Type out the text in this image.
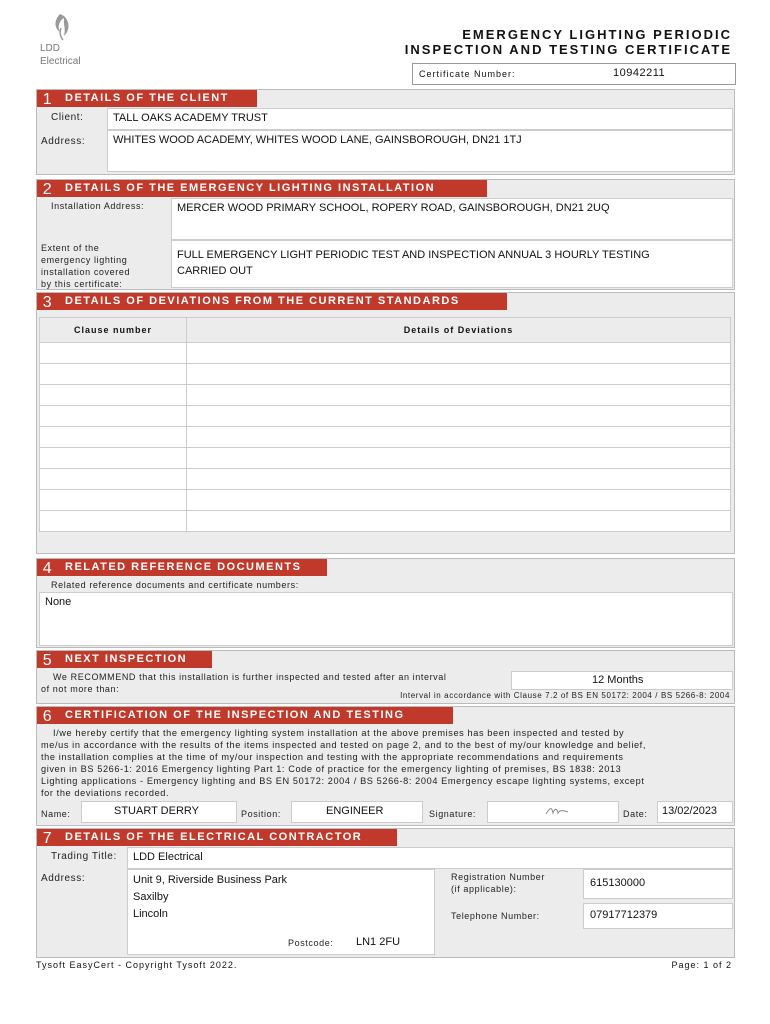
LDD
Electrical
EMERGENCY LIGHTING PERIODIC
INSPECTION AND TESTING CERTIFICATE
Certificate Number:	10942211
1	DETAILS OF THE CLIENT
Client:	TALL OAKS ACADEMY TRUST
Address:	WHITES WOOD ACADEMY, WHITES WOOD LANE, GAINSBOROUGH, DN21 1TJ
2	DETAILS OF THE EMERGENCY LIGHTING INSTALLATION
Installation Address:	MERCER WOOD PRIMARY SCHOOL, ROPERY ROAD, GAINSBOROUGH, DN21 2UQ
Extent of the
emergency lighting
installation covered
by this certificate:
FULL EMERGENCY LIGHT PERIODIC TEST AND INSPECTION ANNUAL 3 HOURLY TESTING
CARRIED OUT
3	DETAILS OF DEVIATIONS FROM THE CURRENT STANDARDS
Clause number	Details of Deviations

4	RELATED REFERENCE DOCUMENTS
Related reference documents and certificate numbers:
None
5	NEXT INSPECTION
We RECOMMEND that this installation is further inspected and tested after an interval
of not more than:
12 Months
Interval in accordance with Clause 7.2 of BS EN 50172: 2004 / BS 5266-8: 2004
6	CERTIFICATION OF THE INSPECTION AND TESTING
I/we hereby certify that the emergency lighting system installation at the above premises has been inspected and tested by
me/us in accordance with the results of the items inspected and tested on page 2, and to the best of my/our knowledge and belief,
the installation complies at the time of my/our inspection and testing with the appropriate recommendations and requirements
given in BS 5266-1: 2016 Emergency lighting Part 1: Code of practice for the emergency lighting of premises, BS 1838: 2013
Lighting applications - Emergency lighting and BS EN 50172: 2004 / BS 5266-8: 2004 Emergency escape lighting systems, except
for the deviations recorded.
Name:	STUART DERRY	Position:	ENGINEER	Signature:	Date: 13/02/2023
7	DETAILS OF THE ELECTRICAL CONTRACTOR
Trading Title: LDD Electrical
Address:	Unit 9, Riverside Business Park
Saxilby
Lincoln
Postcode: LN1 2FU
Registration Number
(if applicable):	615130000
Telephone Number:	07917712379
Tysoft EasyCert - Copyright Tysoft 2022.	Page: 1 of 2
